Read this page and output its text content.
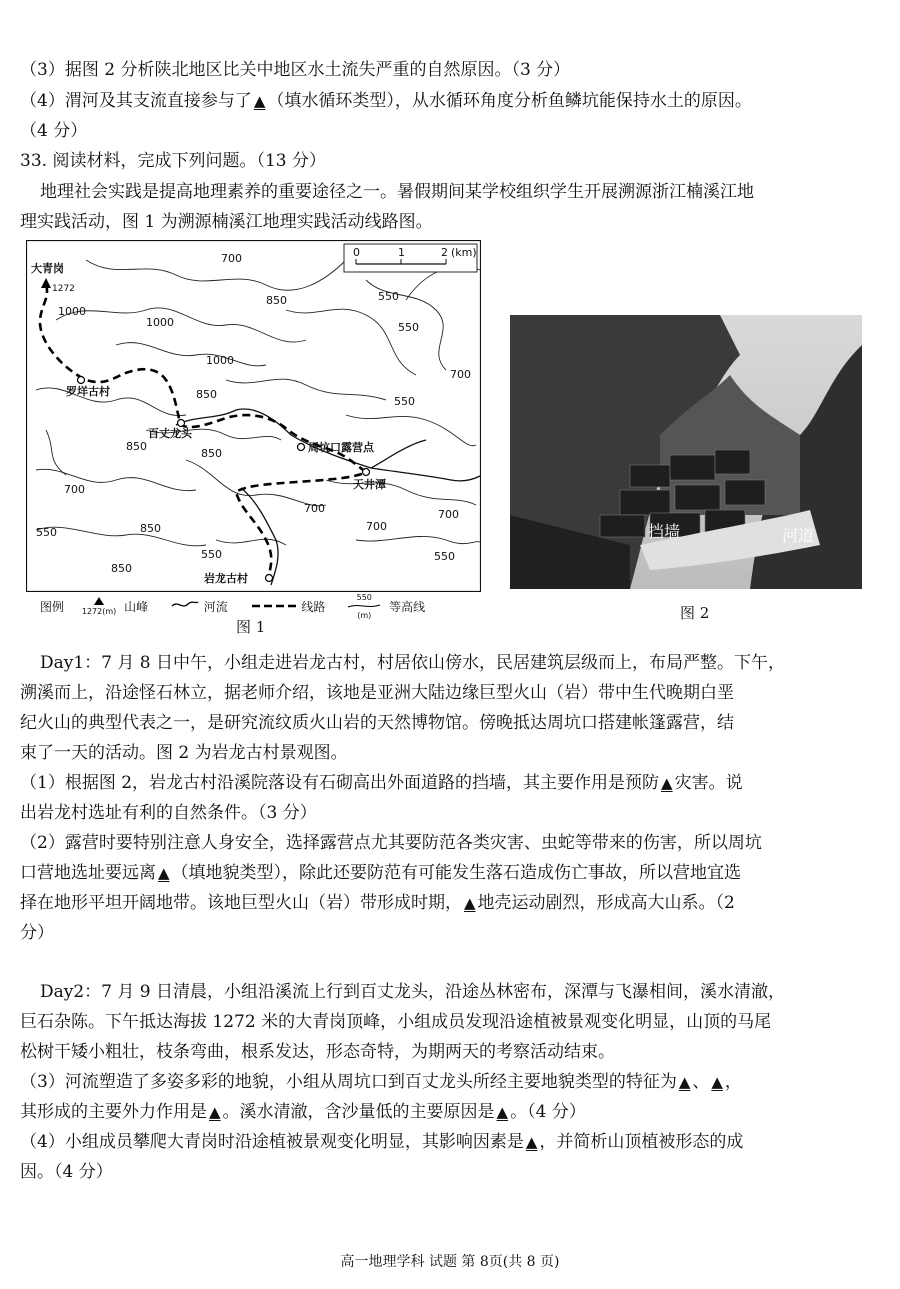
（3）据图 2 分析陕北地区比关中地区水土流失严重的自然原因。（3 分）

（4）渭河及其支流直接参与了 ▲ （填水循环类型），从水循环角度分析鱼鳞坑能保持水土的原因。

（4 分）

33. 阅读材料，完成下列问题。（13 分）

地理社会实践是提高地理素养的重要途径之一。暑假期间某学校组织学生开展溯源浙江楠溪江地

理实践活动，图 1 为溯源楠溪江地理实践活动线路图。

0	1	2 (km)
大青岗
1272
罗垟古村
百丈龙头
周坑口露营点
天井潭
岩龙古村
700
850	550
1000
1000	550
1000
700
850
550
850
850
700
550
700
850	700
700
550	550
850
图例 1272(m) 山峰	河流	线路 550

(m) 等高线
图 1
挡墙	河道
图 2

Day1：7 月 8 日中午，小组走进岩龙古村，村居依山傍水，民居建筑层级而上，布局严整。下午，

溯溪而上，沿途怪石林立，据老师介绍，该地是亚洲大陆边缘巨型火山（岩）带中生代晚期白垩

纪火山的典型代表之一，是研究流纹质火山岩的天然博物馆。傍晚抵达周坑口搭建帐篷露营，结

束了一天的活动。图 2 为岩龙古村景观图。

（1）根据图 2，岩龙古村沿溪院落设有石砌高出外面道路的挡墙，其主要作用是预防 ▲ 灾害。说

出岩龙村选址有利的自然条件。（3 分）

（2）露营时要特别注意人身安全，选择露营点尤其要防范各类灾害、虫蛇等带来的伤害，所以周坑

口营地选址要远离 ▲ （填地貌类型），除此还要防范有可能发生落石造成伤亡事故，所以营地宜选

择在地形平坦开阔地带。该地巨型火山（岩）带形成时期， ▲ 地壳运动剧烈，形成高大山系。（2

分）

Day2：7 月 9 日清晨，小组沿溪流上行到百丈龙头，沿途丛林密布，深潭与飞瀑相间，溪水清澈，

巨石杂陈。下午抵达海拔 1272 米的大青岗顶峰，小组成员发现沿途植被景观变化明显，山顶的马尾

松树干矮小粗壮，枝条弯曲，根系发达，形态奇特，为期两天的考察活动结束。

（3）河流塑造了多姿多彩的地貌，小组从周坑口到百丈龙头所经主要地貌类型的特征为 ▲ 、 ▲ ，

其形成的主要外力作用是 ▲ 。溪水清澈，含沙量低的主要原因是 ▲ 。（4 分）

（4）小组成员攀爬大青岗时沿途植被景观变化明显，其影响因素是 ▲ ，并简析山顶植被形态的成

因。（4 分）

高一地理学科 试题 第 8页(共 8 页)
